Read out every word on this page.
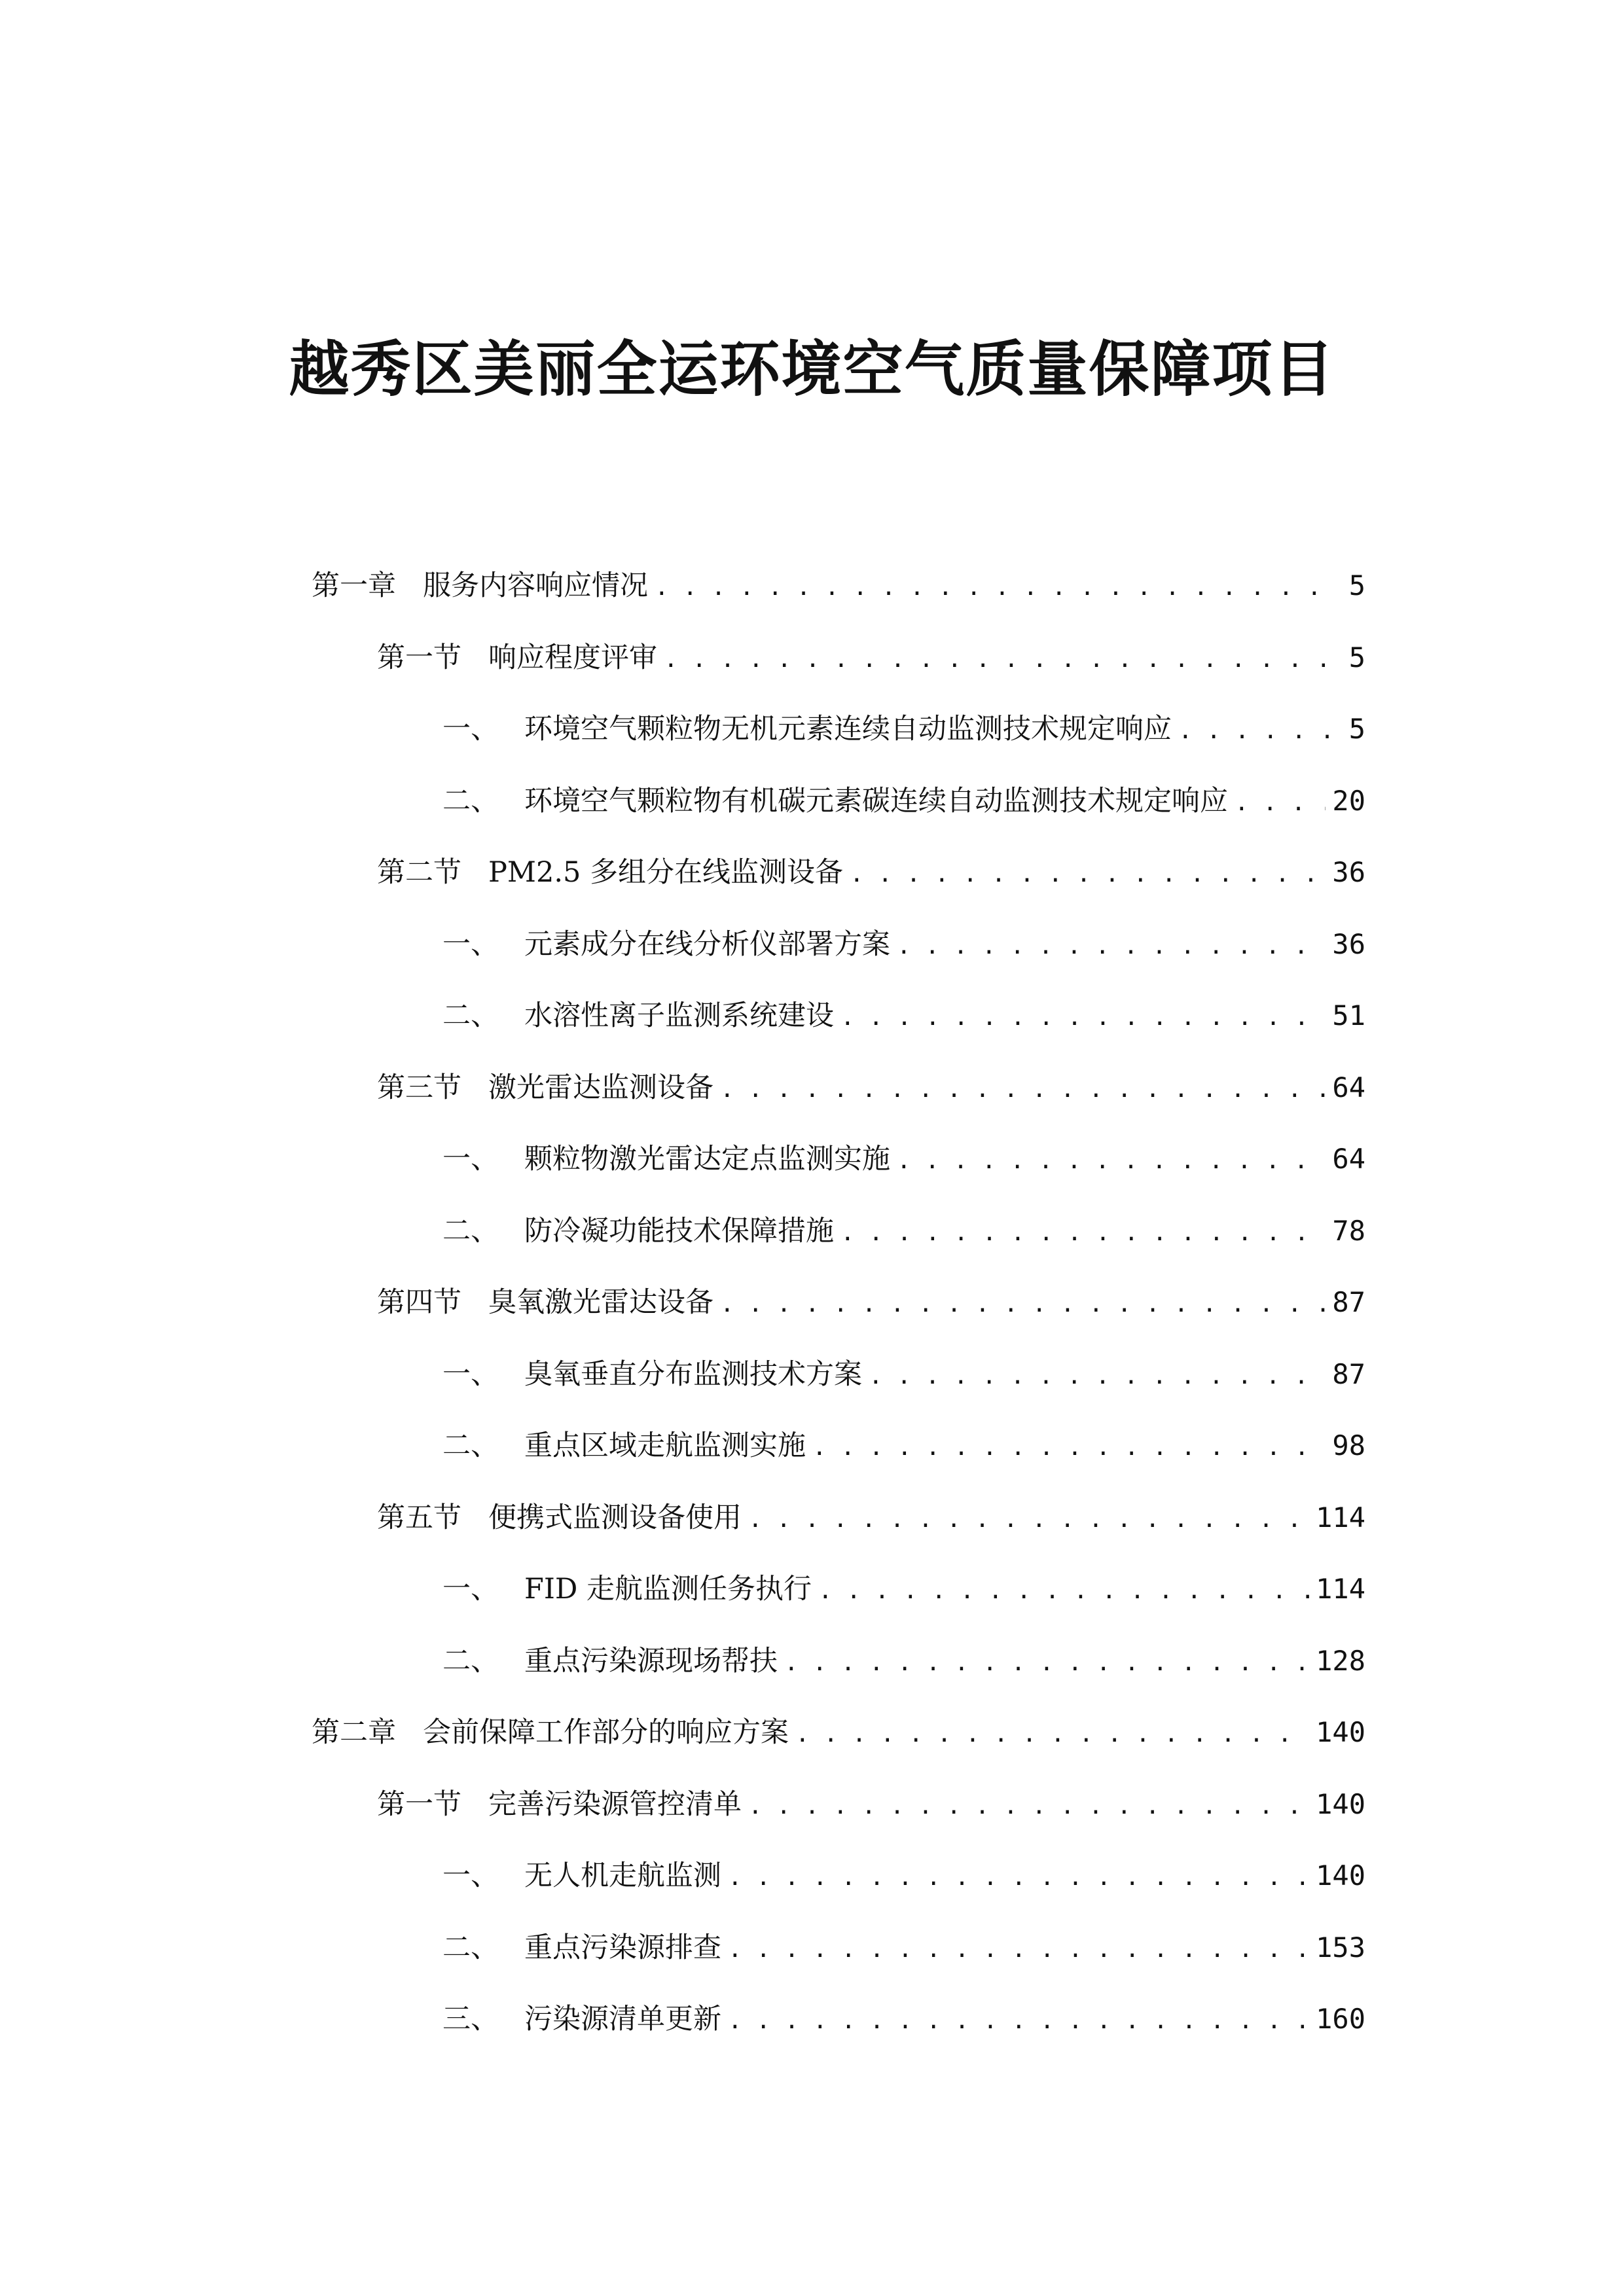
越秀区美丽全运环境空气质量保障项目
第一章 服务内容响应情况 . . .	5
第一节 响应程度评审 . . .	5
一、 环境空气颗粒物无机元素连续自动监测技术规定响应 . . .	5
二、 环境空气颗粒物有机碳元素碳连续自动监测技术规定响应 . . .	20
第二节 PM2.5 多组分在线监测设备 . . .	36
一、 元素成分在线分析仪部署方案 . . .	36
二、 水溶性离子监测系统建设 . . .	51
第三节 激光雷达监测设备 . . .	64
一、 颗粒物激光雷达定点监测实施 . . .	64
二、 防冷凝功能技术保障措施 . . .	78
第四节 臭氧激光雷达设备 . . .	87
一、 臭氧垂直分布监测技术方案 . . .	87
二、 重点区域走航监测实施 . . .	98
第五节 便携式监测设备使用 . . .	114
一、 FID 走航监测任务执行 . . .	114
二、 重点污染源现场帮扶 . . .	128
第二章 会前保障工作部分的响应方案 . . .	140
第一节 完善污染源管控清单 . . .	140
一、 无人机走航监测 . . .	140
二、 重点污染源排查 . . .	153
三、 污染源清单更新 . . .	160
